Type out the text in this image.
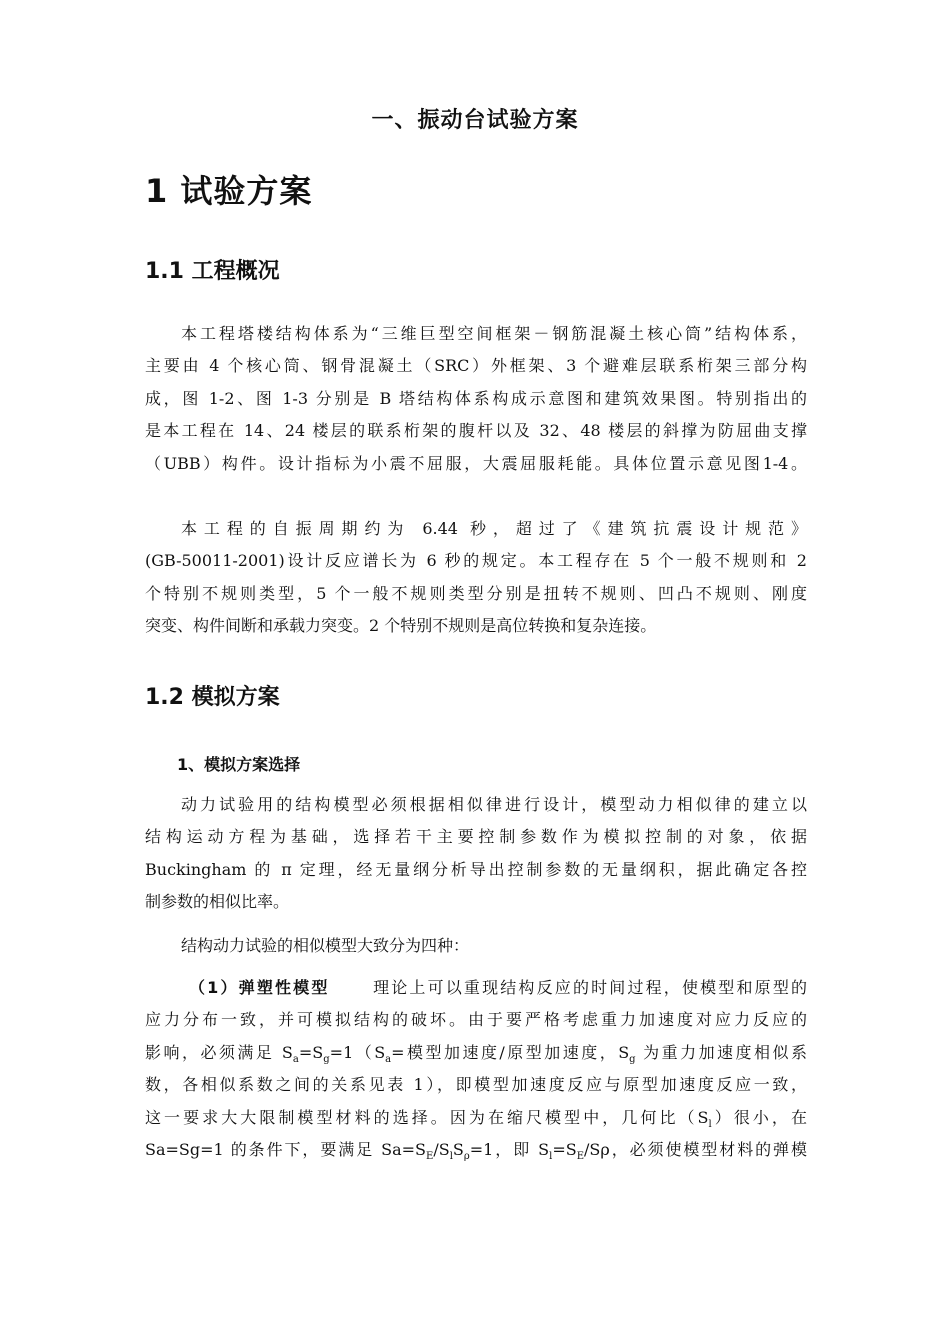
一、振动台试验方案
1 试验方案
1.1 工程概况
本工程塔楼结构体系为“三维巨型空间框架－钢筋混凝土核心筒”结构体系，
主要由 4 个核心筒、钢骨混凝土（SRC）外框架、3 个避难层联系桁架三部分构
成，图 1-2、图 1-3 分别是 B 塔结构体系构成示意图和建筑效果图。特别指出的
是本工程在 14、24 楼层的联系桁架的腹杆以及 32、48 楼层的斜撑为防屈曲支撑
（UBB）构件。设计指标为小震不屈服，大震屈服耗能。具体位置示意见图1-4。
本工程的自振周期约为 6.44 秒，超过了《建筑抗震设计规范》
(GB-50011-2001)设计反应谱长为 6 秒的规定。本工程存在 5 个一般不规则和 2
个特别不规则类型，5 个一般不规则类型分别是扭转不规则、凹凸不规则、刚度
突变、构件间断和承载力突变。2 个特别不规则是高位转换和复杂连接。
1.2 模拟方案
1、模拟方案选择
动力试验用的结构模型必须根据相似律进行设计，模型动力相似律的建立以
结构运动方程为基础，选择若干主要控制参数作为模拟控制的对象，依据
Buckingham 的 π 定理，经无量纲分析导出控制参数的无量纲积，据此确定各控
制参数的相似比率。
结构动力试验的相似模型大致分为四种：
（1）弹塑性模型	理论上可以重现结构反应的时间过程，使模型和原型的
应力分布一致，并可模拟结构的破坏。由于要严格考虑重力加速度对应力反应的
影响，必须满足 $S_a=S_g=1(S_a=$模型加速度/原型加速度，$S_g$ 为重力加速度相似系
数，各相似系数之间的关系见表 1），即模型加速度反应与原型加速度反应一致，
这一要求大大限制模型材料的选择。因为在缩尺模型中，几何比$(S_l)$很小，在
Sa=Sg=1 的条件下，要满足 $Sa=S_E/S_lS_\rho=1$，即 $S_l=S_E/S\rho$，必须使模型材料的弹模
